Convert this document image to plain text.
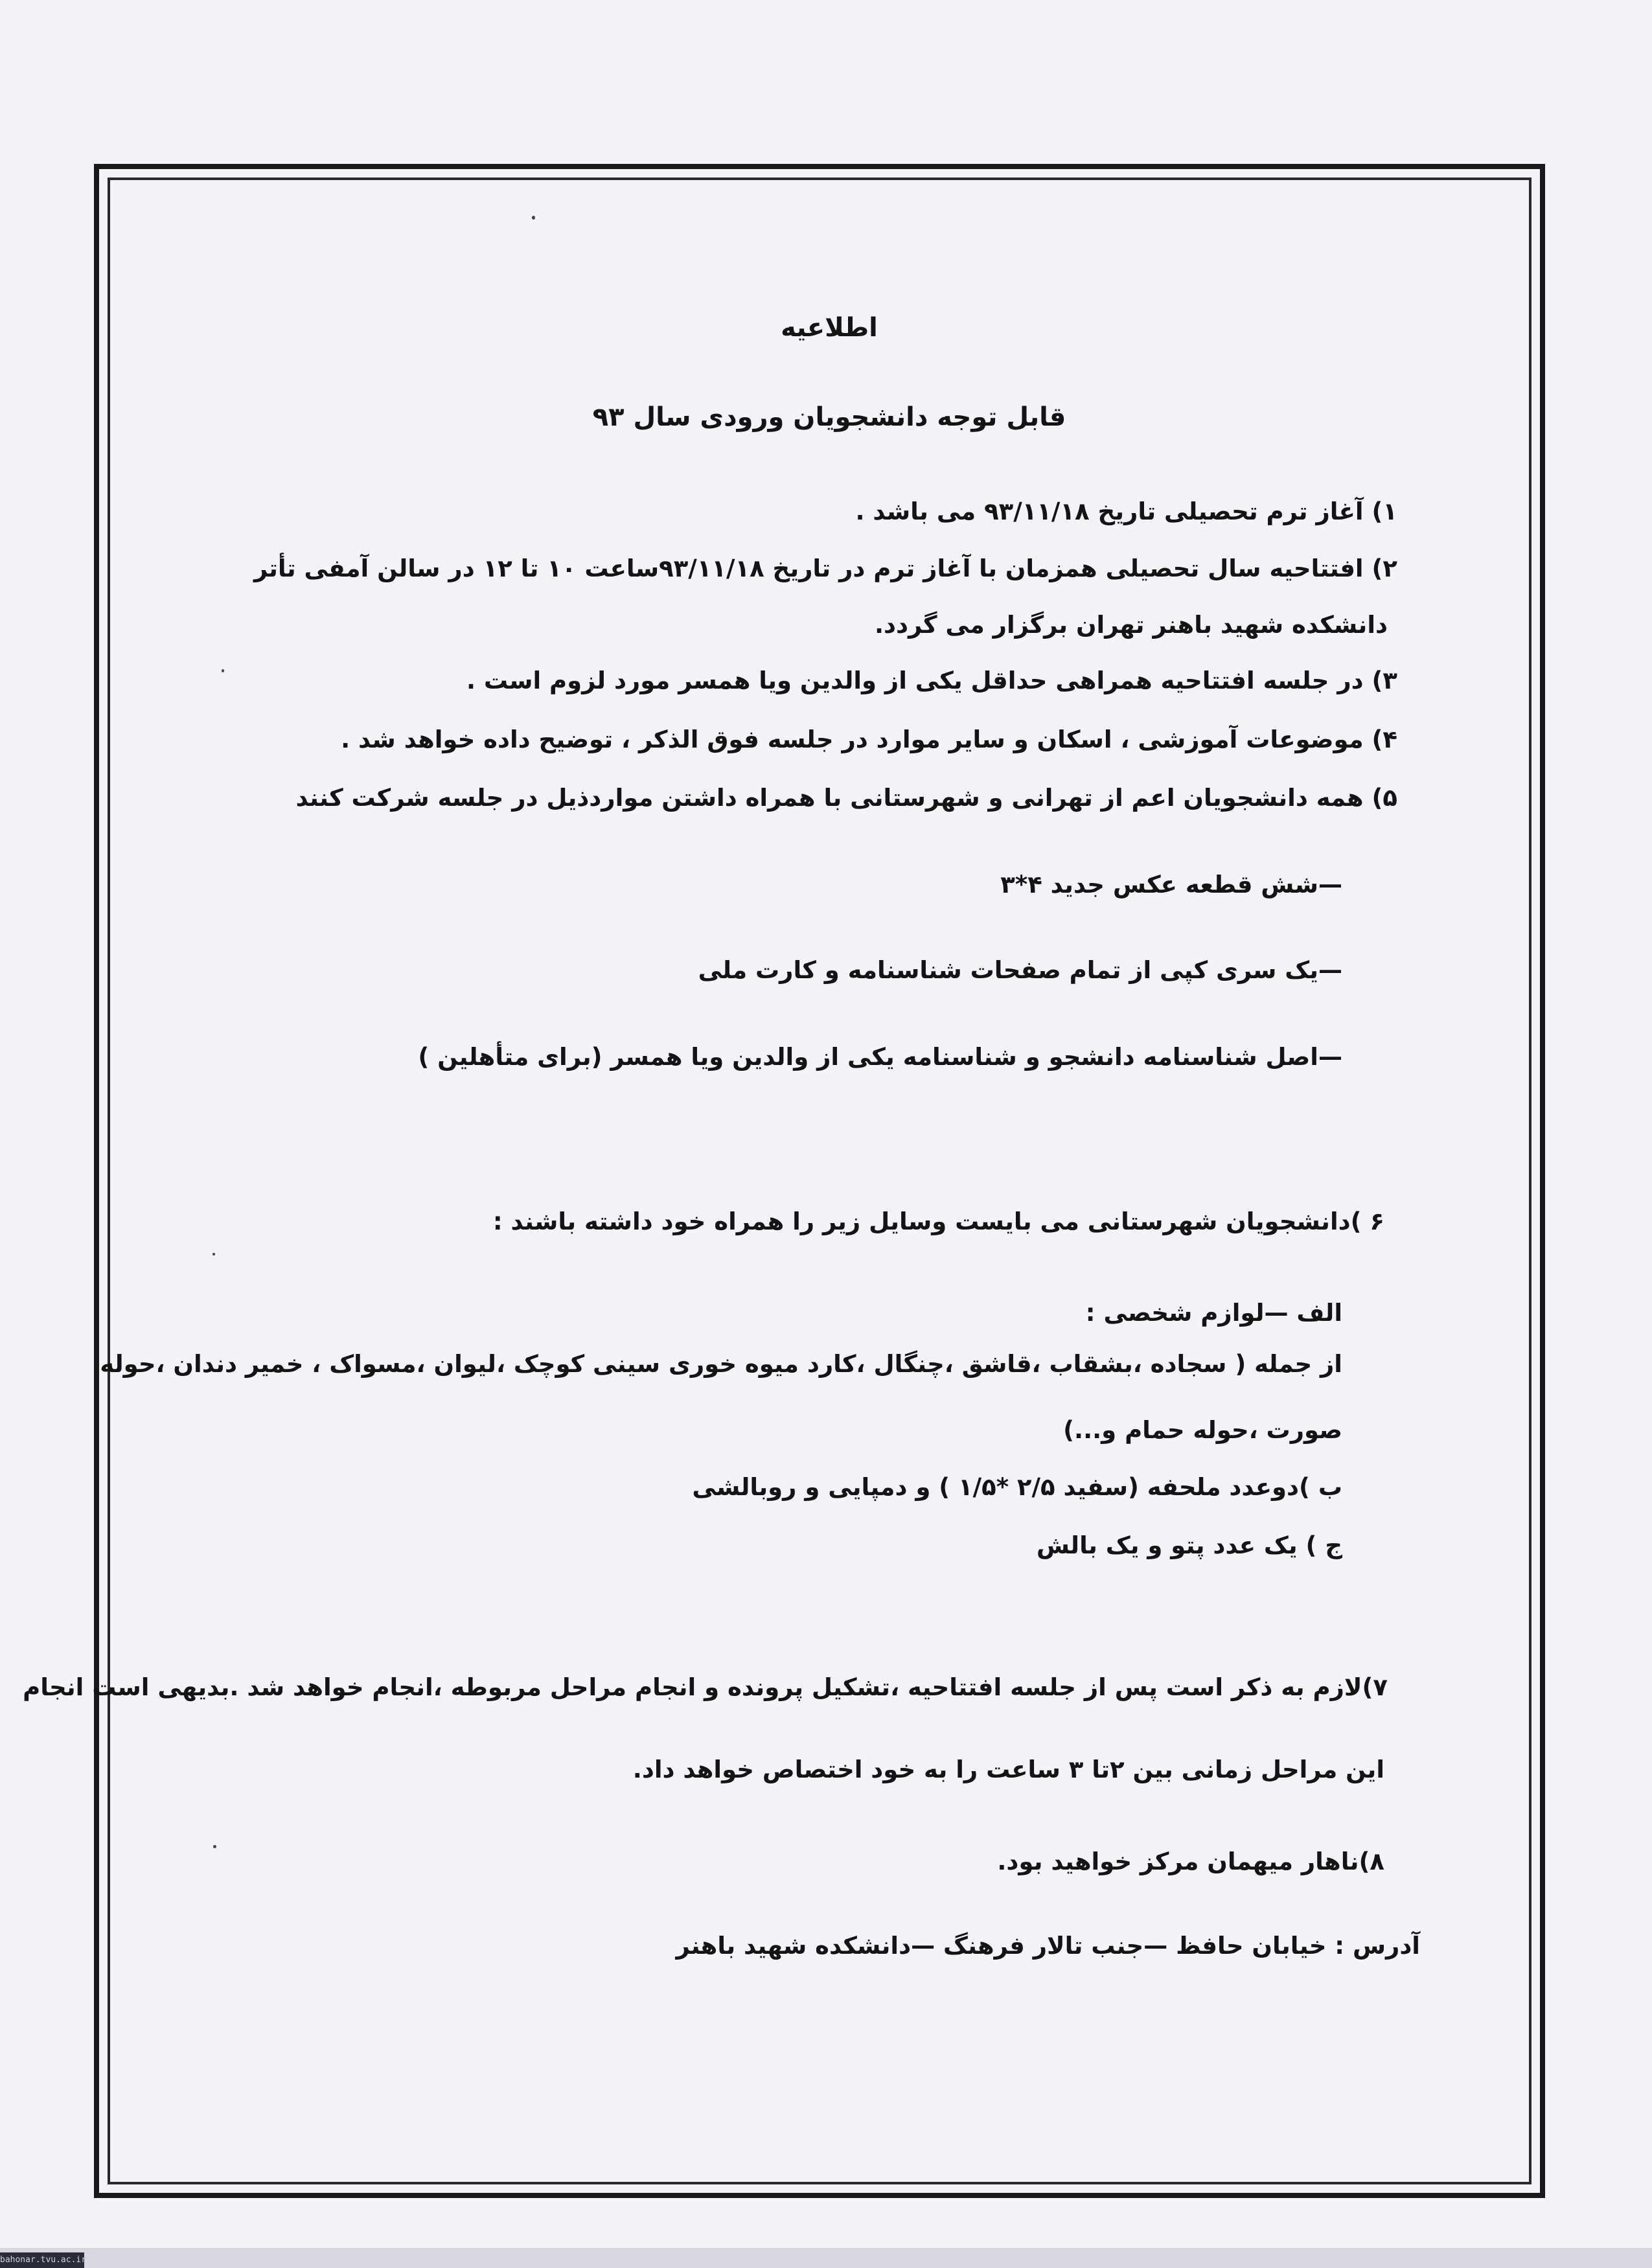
اطلاعیه
قابل توجه دانشجویان ورودی سال ۹۳
۱) آغاز ترم تحصیلی تاریخ ۹۳/۱۱/۱۸ می باشد .
۲) افتتاحیه سال تحصیلی همزمان با آغاز ترم در تاریخ ۹۳/۱۱/۱۸ساعت ۱۰ تا ۱۲ در سالن آمفی تأتر
دانشکده شهید باهنر تهران برگزار می گردد.
۳) در جلسه افتتاحیه همراهی حداقل یکی از والدین ویا همسر مورد لزوم است .
۴) موضوعات آموزشی ، اسکان و سایر موارد در جلسه فوق الذکر ، توضیح داده خواهد شد .
۵) همه دانشجویان اعم از تهرانی و شهرستانی با همراه داشتن مواردذیل در جلسه شرکت کنند
—شش قطعه عکس جدید ۴*۳
—یک سری کپی از تمام صفحات شناسنامه و کارت ملی
—اصل شناسنامه دانشجو و شناسنامه یکی از والدین ویا همسر (برای متأهلین )
۶ )دانشجویان شهرستانی می بایست وسایل زیر را همراه خود داشته باشند :
الف —لوازم شخصی :
از جمله ( سجاده ،بشقاب ،قاشق ،چنگال ،کارد میوه خوری سینی کوچک ،لیوان ،مسواک ، خمیر دندان ،حوله
صورت ،حوله حمام و...)
ب )دوعدد ملحفه (سفید ۲/۵ *۱/۵ ) و دمپایی و روبالشی
ج ) یک عدد پتو و یک بالش
۷)لازم به ذکر است پس از جلسه افتتاحیه ،تشکیل پرونده و انجام مراحل مربوطه ،انجام خواهد شد .بدیهی است انجام
این مراحل زمانی بین ۲تا ۳ ساعت را به خود اختصاص خواهد داد.
۸)ناهار میهمان مرکز خواهید بود.
آدرس : خیابان حافظ —جنب تالار فرهنگ —دانشکده شهید باهنر
bahonar.tvu.ac.ir
